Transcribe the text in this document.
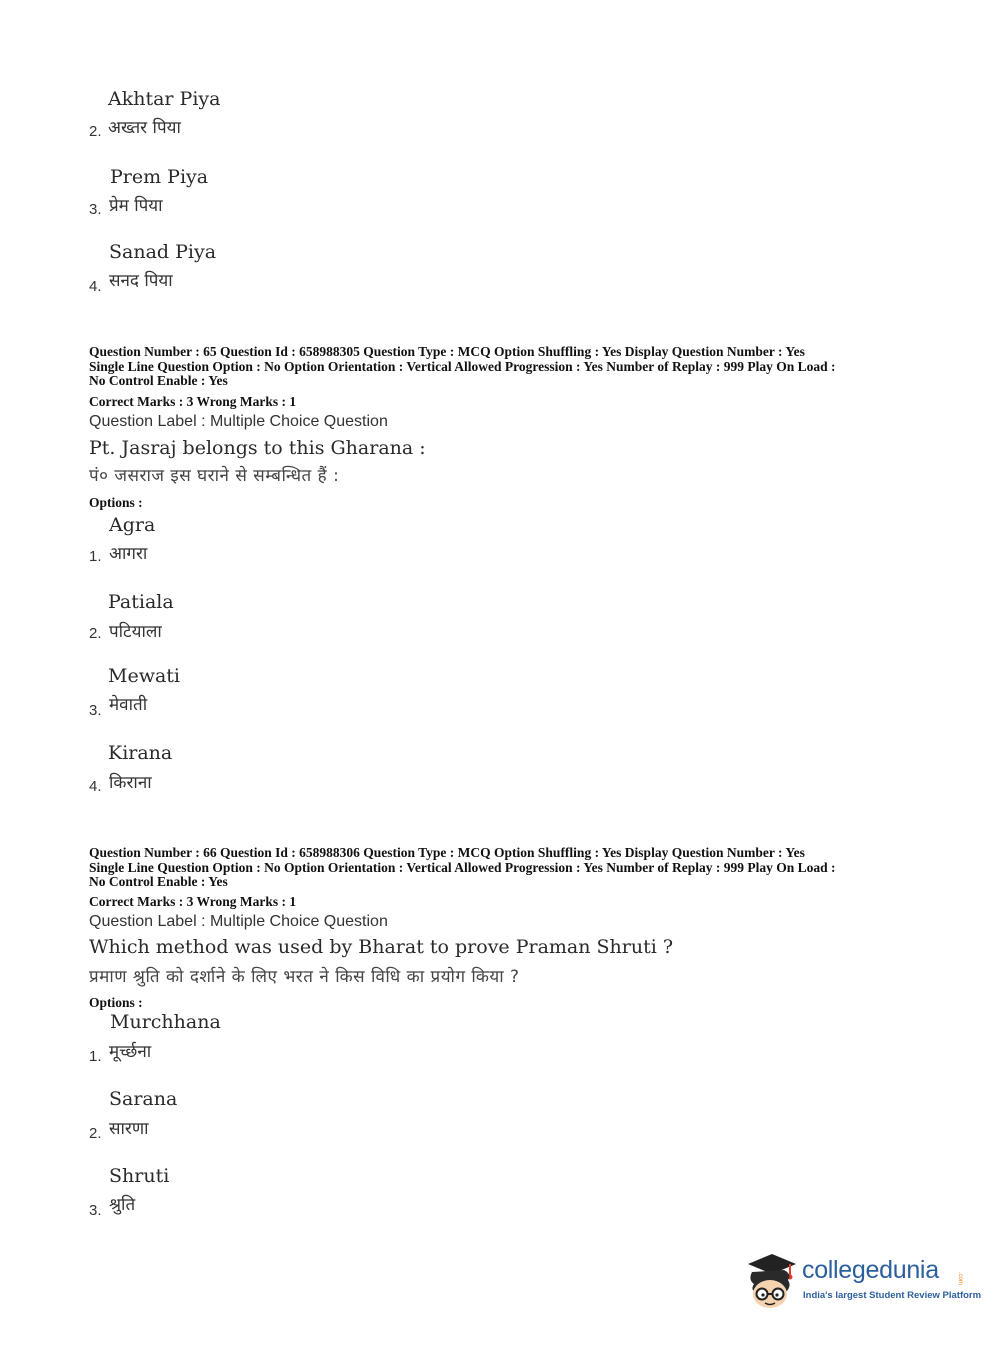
Akhtar Piya
2. अख्तर पिया
Prem Piya
3. प्रेम पिया
Sanad Piya
4. सनद पिया
Question Number : 65 Question Id : 658988305 Question Type : MCQ Option Shuffling : Yes Display Question Number : Yes
Single Line Question Option : No Option Orientation : Vertical Allowed Progression : Yes Number of Replay : 999 Play On Load :
No Control Enable : Yes
Correct Marks : 3 Wrong Marks : 1
Question Label : Multiple Choice Question
Pt. Jasraj belongs to this Gharana :
पं० जसराज इस घराने से सम्बन्धित हैं :
Options :
Agra
1. आगरा
Patiala
2. पटियाला
Mewati
3. मेवाती
Kirana
4. किराना
Question Number : 66 Question Id : 658988306 Question Type : MCQ Option Shuffling : Yes Display Question Number : Yes
Single Line Question Option : No Option Orientation : Vertical Allowed Progression : Yes Number of Replay : 999 Play On Load :
No Control Enable : Yes
Correct Marks : 3 Wrong Marks : 1
Question Label : Multiple Choice Question
Which method was used by Bharat to prove Praman Shruti ?
प्रमाण श्रुति को दर्शाने के लिए भरत ने किस विधि का प्रयोग किया ?
Options :
Murchhana
1. मूर्च्छना
Sarana
2. सारणा
Shruti
3. श्रुति
collegedunia	.com
India's largest Student Review Platform
